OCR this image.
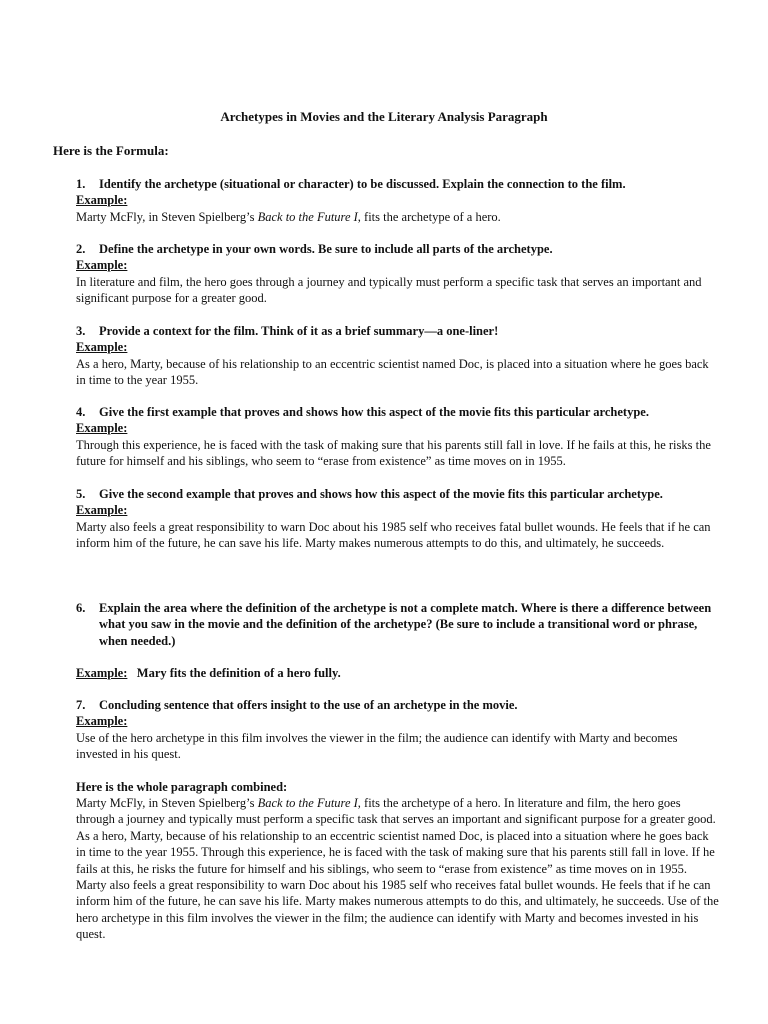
Archetypes in Movies and the Literary Analysis Paragraph
Here is the Formula:
1. Identify the archetype (situational or character) to be discussed. Explain the connection to the film.
Example:
Marty McFly, in Steven Spielberg’s Back to the Future I, fits the archetype of a hero.
2. Define the archetype in your own words. Be sure to include all parts of the archetype.
Example:
In literature and film, the hero goes through a journey and typically must perform a specific task that serves an important and significant purpose for a greater good.
3. Provide a context for the film. Think of it as a brief summary—a one-liner!
Example:
As a hero, Marty, because of his relationship to an eccentric scientist named Doc, is placed into a situation where he goes back in time to the year 1955.
4. Give the first example that proves and shows how this aspect of the movie fits this particular archetype.
Example:
Through this experience, he is faced with the task of making sure that his parents still fall in love. If he fails at this, he risks the future for himself and his siblings, who seem to “erase from existence” as time moves on in 1955.
5. Give the second example that proves and shows how this aspect of the movie fits this particular archetype.
Example:
Marty also feels a great responsibility to warn Doc about his 1985 self who receives fatal bullet wounds. He feels that if he can inform him of the future, he can save his life. Marty makes numerous attempts to do this, and ultimately, he succeeds.
6. Explain the area where the definition of the archetype is not a complete match. Where is there a difference between what you saw in the movie and the definition of the archetype? (Be sure to include a transitional word or phrase, when needed.)
Example: Mary fits the definition of a hero fully.
7. Concluding sentence that offers insight to the use of an archetype in the movie.
Example:
Use of the hero archetype in this film involves the viewer in the film; the audience can identify with Marty and becomes invested in his quest.
Here is the whole paragraph combined:

Marty McFly, in Steven Spielberg’s Back to the Future I, fits the archetype of a hero. In literature and film, the hero goes through a journey and typically must perform a specific task that serves an important and significant purpose for a greater good. As a hero, Marty, because of his relationship to an eccentric scientist named Doc, is placed into a situation where he goes back in time to the year 1955. Through this experience, he is faced with the task of making sure that his parents still fall in love. If he fails at this, he risks the future for himself and his siblings, who seem to “erase from existence” as time moves on in 1955. Marty also feels a great responsibility to warn Doc about his 1985 self who receives fatal bullet wounds. He feels that if he can inform him of the future, he can save his life. Marty makes numerous attempts to do this, and ultimately, he succeeds. Use of the hero archetype in this film involves the viewer in the film; the audience can identify with Marty and becomes invested in his quest.
